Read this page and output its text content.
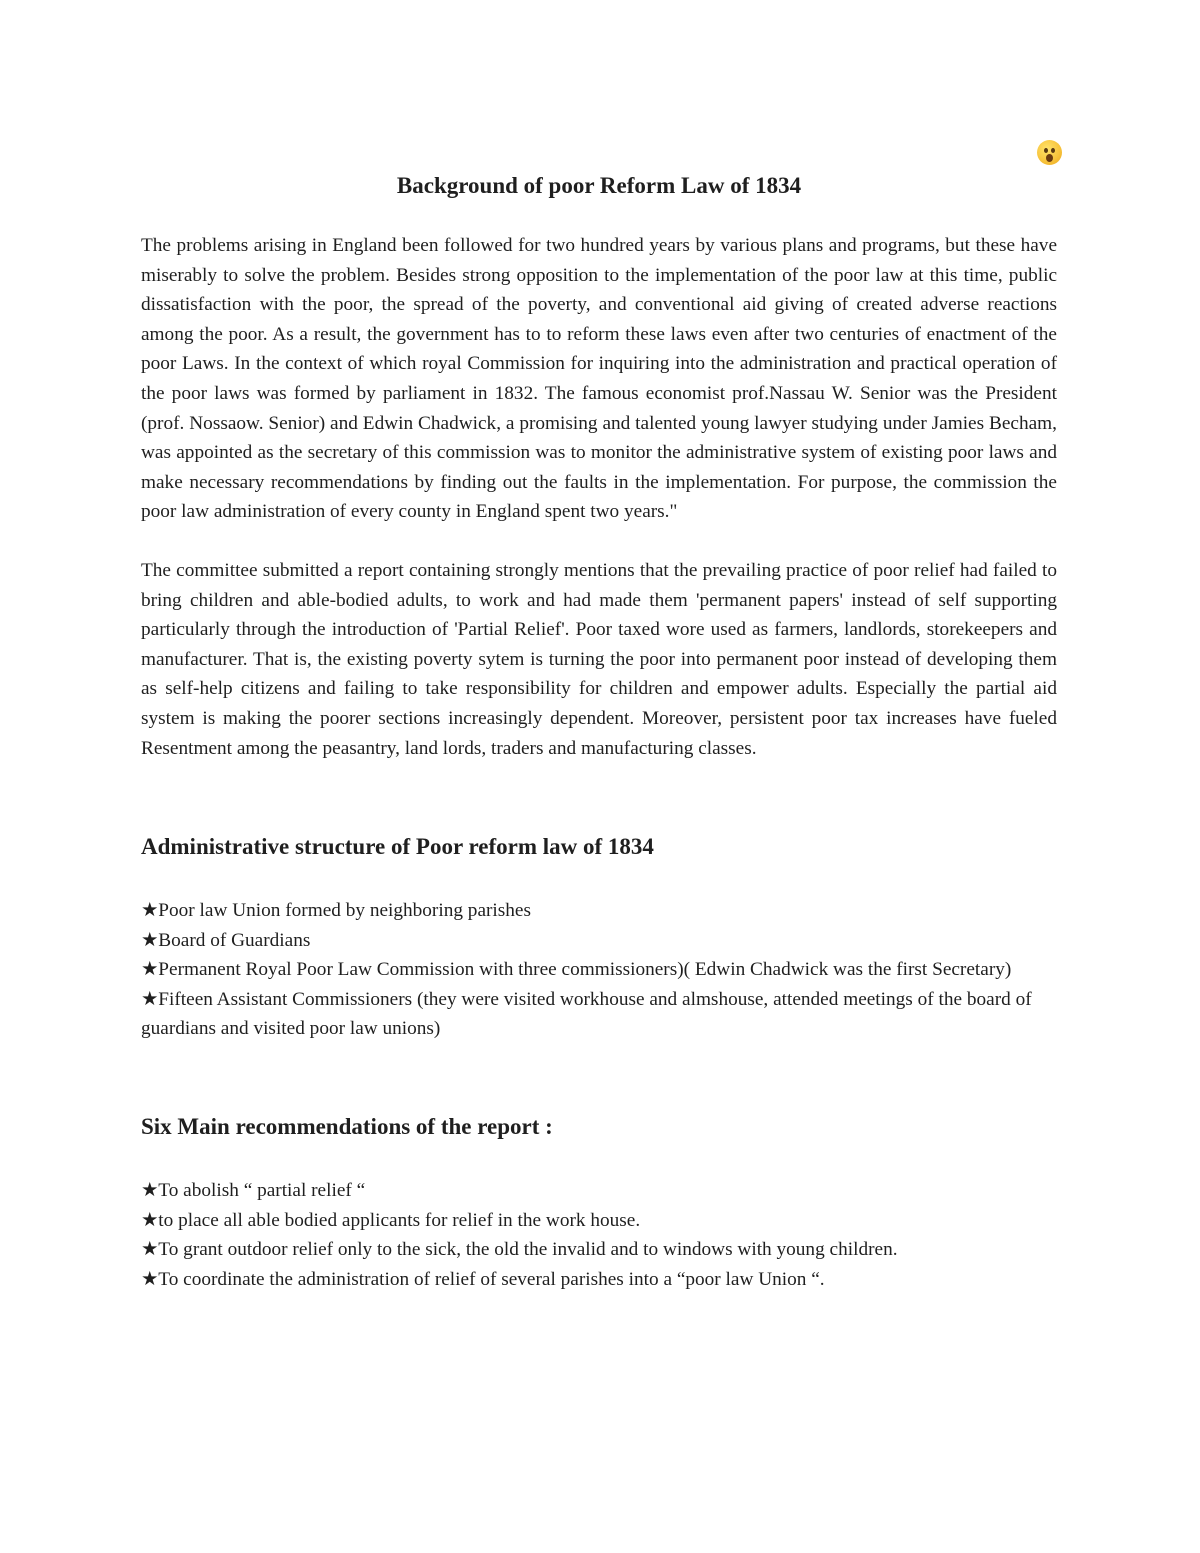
Background of poor Reform Law of 1834

The problems arising in England been followed for two hundred years by various plans and programs, but these have miserably to solve the problem. Besides strong opposition to the implementation of the poor law at this time, public dissatisfaction with the poor, the spread of the poverty, and conventional aid giving of created adverse reactions among the poor. As a result, the government has to to reform these laws even after two centuries of enactment of the poor Laws. In the context of which royal Commission for inquiring into the administration and practical operation of the poor laws was formed by parliament in 1832. The famous economist prof.Nassau W. Senior was the President (prof. Nossaow. Senior) and Edwin Chadwick, a promising and talented young lawyer studying under Jamies Becham, was appointed as the secretary of this commission was to monitor the administrative system of existing poor laws and make necessary recommendations by finding out the faults in the implementation. For purpose, the commission the poor law administration of every county in England spent two years."

The committee submitted a report containing strongly mentions that the prevailing practice of poor relief had failed to bring children and able-bodied adults, to work and had made them 'permanent papers' instead of self supporting particularly through the introduction of 'Partial Relief'. Poor taxed wore used as farmers, landlords, storekeepers and manufacturer. That is, the existing poverty sytem is turning the poor into permanent poor instead of developing them as self-help citizens and failing to take responsibility for children and empower adults. Especially the partial aid system is making the poorer sections increasingly dependent. Moreover, persistent poor tax increases have fueled Resentment among the peasantry, land lords, traders and manufacturing classes.

Administrative structure of Poor reform law of 1834
★Poor law Union formed by neighboring parishes
★Board of Guardians
★Permanent Royal Poor Law Commission with three commissioners)( Edwin Chadwick was the first Secretary)
★Fifteen Assistant Commissioners (they were visited workhouse and almshouse, attended meetings of the board of guardians and visited poor law unions)
Six Main recommendations of the report :
★To abolish “ partial relief “
★to place all able bodied applicants for relief in the work house.
★To grant outdoor relief only to the sick, the old the invalid and to windows with young children.
★To coordinate the administration of relief of several parishes into a “poor law Union “.
